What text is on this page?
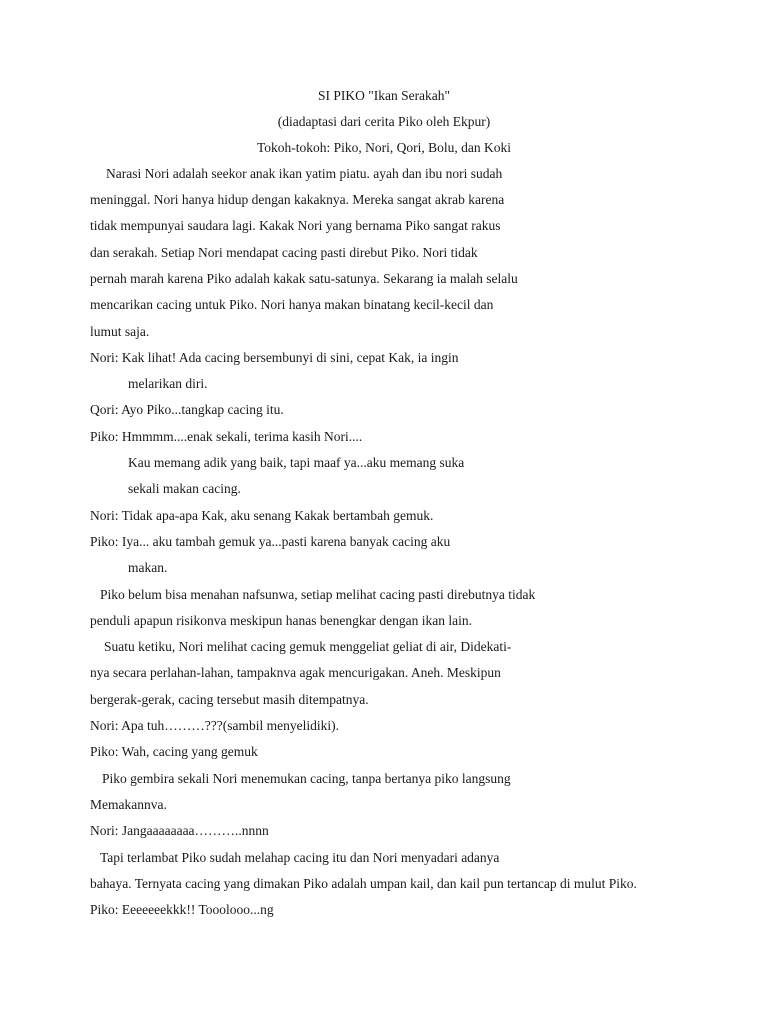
SI PIKO "Ikan Serakah"
(diadaptasi dari cerita Piko oleh Ekpur)
Tokoh-tokoh: Piko, Nori, Qori, Bolu, dan Koki
Narasi Nori adalah seekor anak ikan yatim piatu. ayah dan ibu nori sudah
meninggal. Nori hanya hidup dengan kakaknya. Mereka sangat akrab karena
tidak mempunyai saudara lagi. Kakak Nori yang bernama Piko sangat rakus
dan serakah. Setiap Nori mendapat cacing pasti direbut Piko. Nori tidak
pernah marah karena Piko adalah kakak satu-satunya. Sekarang ia malah selalu
mencarikan cacing untuk Piko. Nori hanya makan binatang kecil-kecil dan
lumut saja.
Nori: Kak lihat! Ada cacing bersembunyi di sini, cepat Kak, ia ingin
melarikan diri.
Qori: Ayo Piko...tangkap cacing itu.
Piko: Hmmmm....enak sekali, terima kasih Nori....
Kau memang adik yang baik, tapi maaf ya...aku memang suka
sekali makan cacing.
Nori: Tidak apa-apa Kak, aku senang Kakak bertambah gemuk.
Piko: Iya... aku tambah gemuk ya...pasti karena banyak cacing aku
makan.
Piko belum bisa menahan nafsunwa, setiap melihat cacing pasti direbutnya tidak
penduli apapun risikonva meskipun hanas benengkar dengan ikan lain.
Suatu ketiku, Nori melihat cacing gemuk menggeliat geliat di air, Didekati-
nya secara perlahan-lahan, tampaknva agak mencurigakan. Aneh. Meskipun
bergerak-gerak, cacing tersebut masih ditempatnya.
Nori: Apa tuh………???(sambil menyelidiki).
Piko: Wah, cacing yang gemuk
Piko gembira sekali Nori menemukan cacing, tanpa bertanya piko langsung
Memakannva.
Nori: Jangaaaaaaaa………..nnnn
Tapi terlambat Piko sudah melahap cacing itu dan Nori menyadari adanya
bahaya. Ternyata cacing yang dimakan Piko adalah umpan kail, dan kail pun tertancap di mulut Piko.
Piko: Eeeeeeekkk!! Tooolooo...ng
